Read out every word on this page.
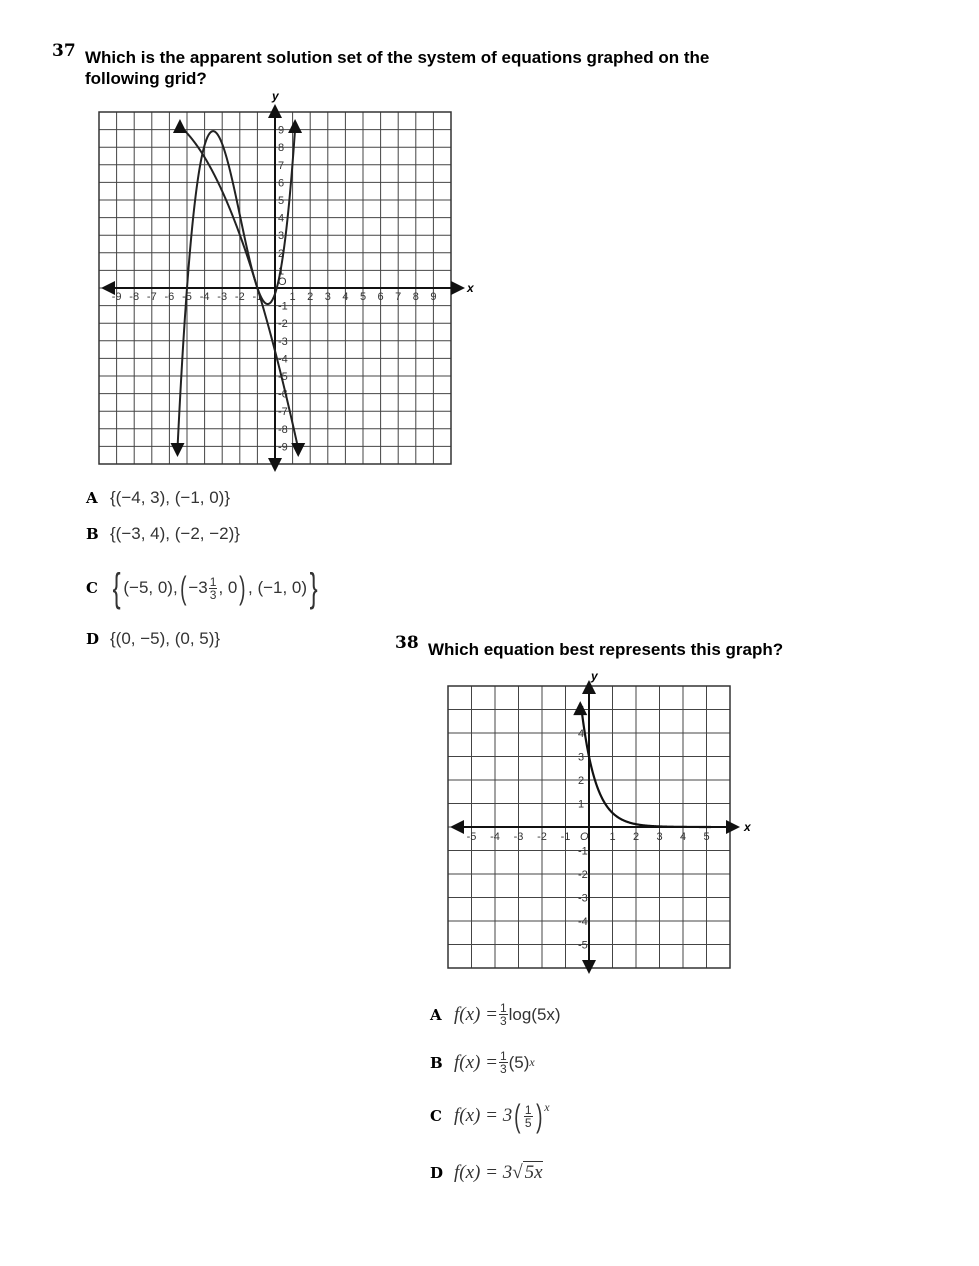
37 Which is the apparent solution set of the system of equations graphed on the
following grid?
x
y
-9 -8 -7 -6 -5 -4 -3 -2 -1 1 2 3 4 5 6 7 8 9
9
8
7
6
5
4
3
2
1
-1
-2
-3
-4
-5
-6
-7
-8
-9
O
A {(−4, 3), (−1, 0)}
B {(−3, 4), (−2, −2)}
C { (−5, 0), ( $-3 \frac{1}{3}$ , 0 ) , (−1, 0) }
D {(0, −5), (0, 5)}	38 Which equation best represents this graph?
x
y
-5 -4 -3 -2 -1	1 2 3 4 5
4
3
2
1
-1
-2
-3
-4
-5
O
A $f(x) = \frac{1}{3} \log(5x)$
B $f(x) = \frac{1}{3} (5)$ x
C f(x) = 3 ( $\frac{1}{5} )^x$
D f(x) = 3 √ 5x
